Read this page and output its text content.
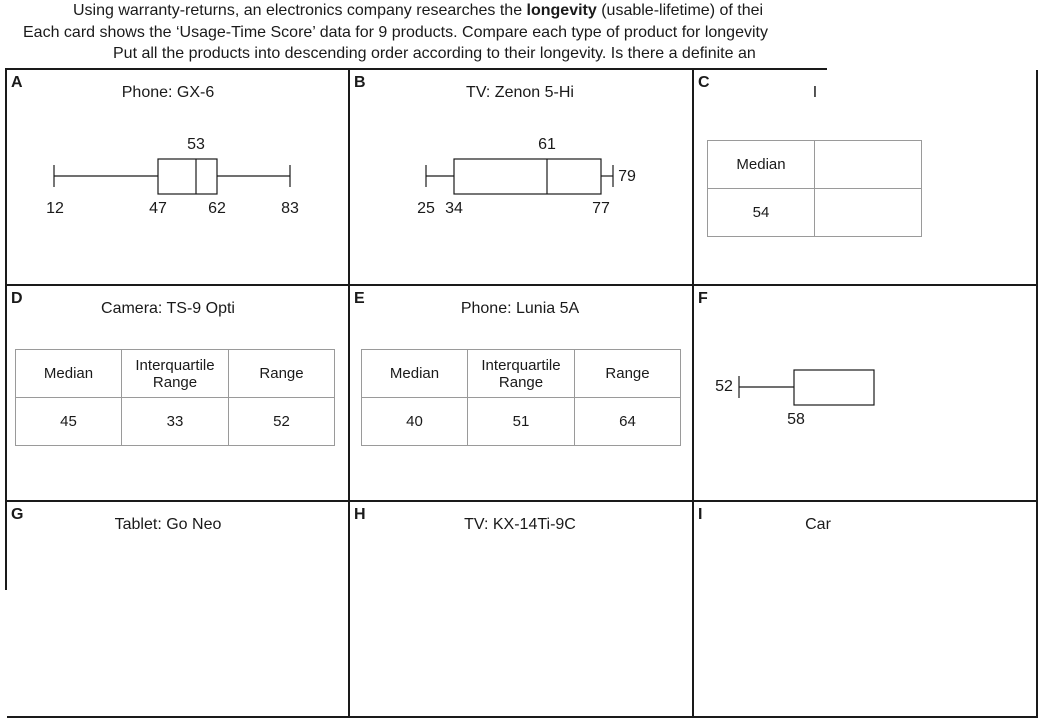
Using warranty-returns, an electronics company researches the longevity (usable-lifetime) of thei
Each card shows the ‘Usage-Time Score’ data for 9 products. Compare each type of product for longevity
Put all the products into descending order according to their longevity. Is there a definite an
A
Phone: GX-6
53
12	47	62	83
B
TV: Zenon 5-Hi
61
25 34	77
79
C
I
Median	
54	
D
Camera: TS-9 Opti
Median	Interquartile Range	Range
45	33	52
E
Phone: Lunia 5A
Median	Interquartile Range	Range
40	51	64
F
52
58
G
Tablet: Go Neo
H
TV: KX-14Ti-9C
I
Car
